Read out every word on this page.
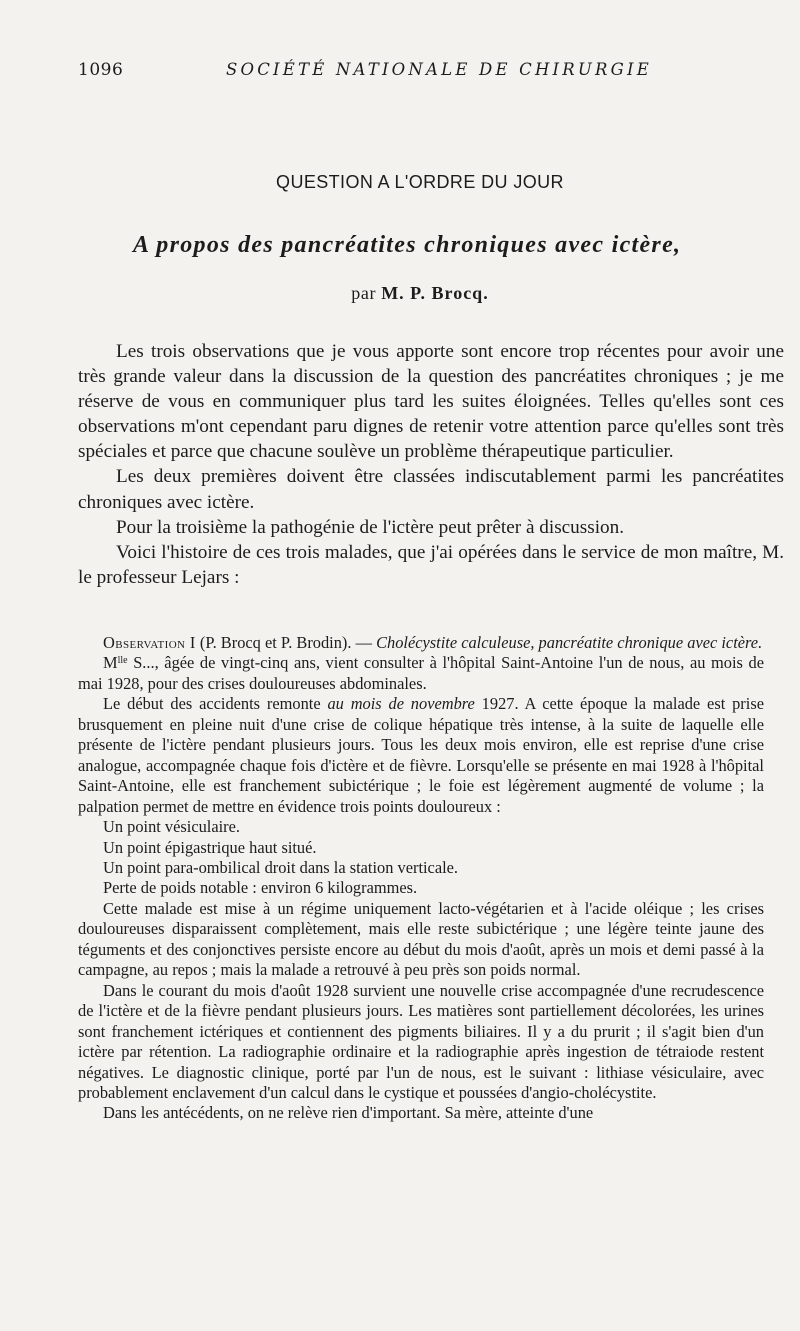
1096	SOCIÉTÉ NATIONALE DE CHIRURGIE
QUESTION A L'ORDRE DU JOUR
A propos des pancréatites chroniques avec ictère,
par M. P. Brocq.

Les trois observations que je vous apporte sont encore trop récentes pour avoir une très grande valeur dans la discussion de la question des pancréatites chroniques ; je me réserve de vous en communiquer plus tard les suites éloignées. Telles qu'elles sont ces observations m'ont cependant paru dignes de retenir votre attention parce qu'elles sont très spéciales et parce que chacune soulève un problème thérapeutique particulier.

Les deux premières doivent être classées indiscutablement parmi les pancréatites chroniques avec ictère.

Pour la troisième la pathogénie de l'ictère peut prêter à discussion.

Voici l'histoire de ces trois malades, que j'ai opérées dans le service de mon maître, M. le professeur Lejars :

Observation I (P. Brocq et P. Brodin). — Cholécystite calculeuse, pancréatite chronique avec ictère.

$M^{lle}$ S..., âgée de vingt-cinq ans, vient consulter à l'hôpital Saint-Antoine l'un de nous, au mois de mai 1928, pour des crises douloureuses abdominales.

Le début des accidents remonte au mois de novembre 1927. A cette époque la malade est prise brusquement en pleine nuit d'une crise de colique hépatique très intense, à la suite de laquelle elle présente de l'ictère pendant plusieurs jours. Tous les deux mois environ, elle est reprise d'une crise analogue, accompagnée chaque fois d'ictère et de fièvre. Lorsqu'elle se présente en mai 1928 à l'hôpital Saint-Antoine, elle est franchement subictérique ; le foie est légèrement augmenté de volume ; la palpation permet de mettre en évidence trois points douloureux :

Un point vésiculaire.

Un point épigastrique haut situé.

Un point para-ombilical droit dans la station verticale.

Perte de poids notable : environ 6 kilogrammes.

Cette malade est mise à un régime uniquement lacto-végétarien et à l'acide oléique ; les crises douloureuses disparaissent complètement, mais elle reste subictérique ; une légère teinte jaune des téguments et des conjonctives persiste encore au début du mois d'août, après un mois et demi passé à la campagne, au repos ; mais la malade a retrouvé à peu près son poids normal.

Dans le courant du mois d'août 1928 survient une nouvelle crise accompagnée d'une recrudescence de l'ictère et de la fièvre pendant plusieurs jours. Les matières sont partiellement décolorées, les urines sont franchement ictériques et contiennent des pigments biliaires. Il y a du prurit ; il s'agit bien d'un ictère par rétention. La radiographie ordinaire et la radiographie après ingestion de tétraiode restent négatives. Le diagnostic clinique, porté par l'un de nous, est le suivant : lithiase vésiculaire, avec probablement enclavement d'un calcul dans le cystique et poussées d'angio-cholécystite.

Dans les antécédents, on ne relève rien d'important. Sa mère, atteinte d'une
